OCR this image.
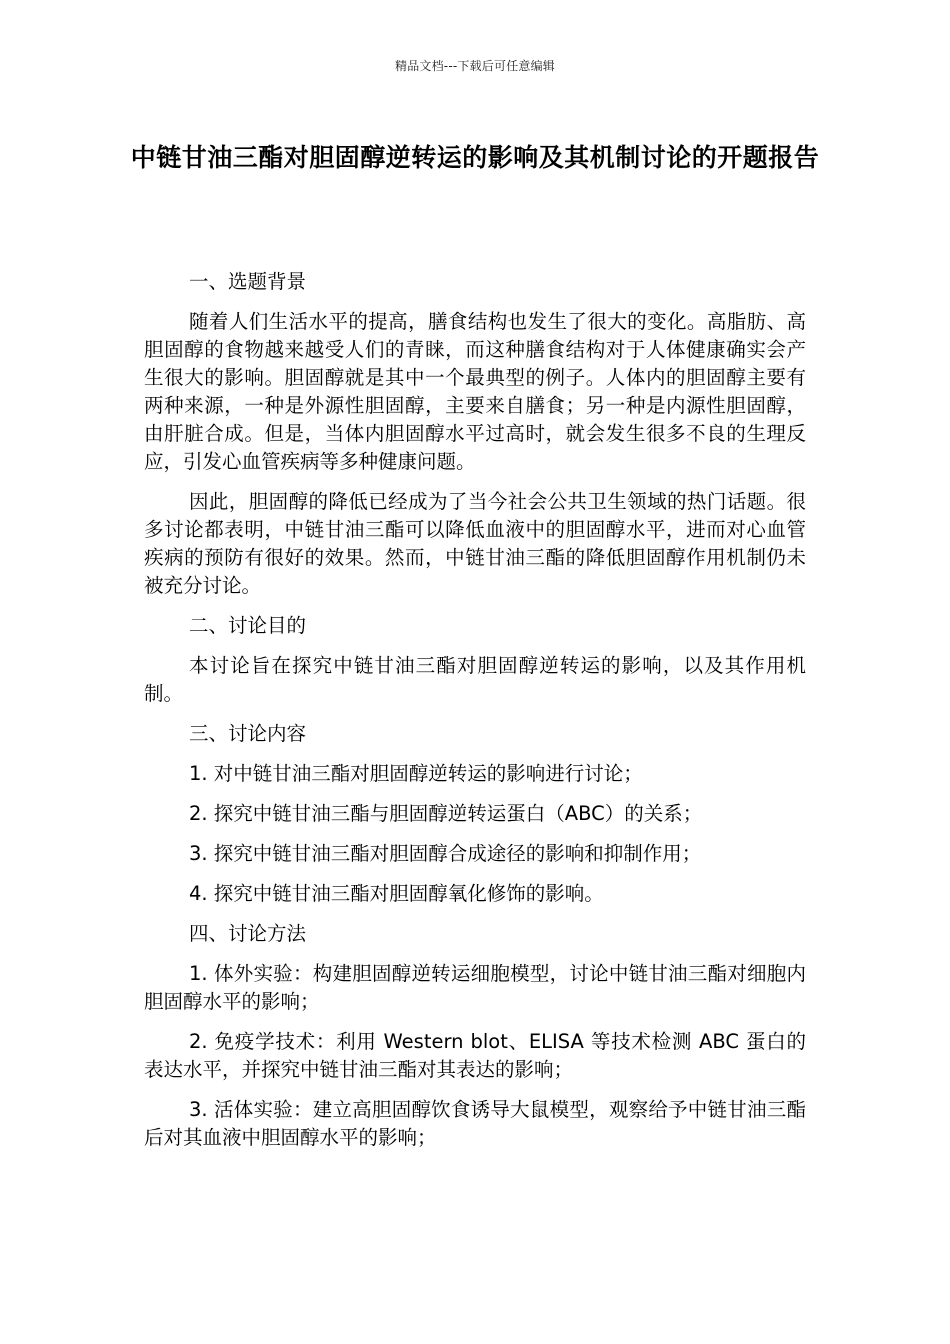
精品文档---下载后可任意编辑
中链甘油三酯对胆固醇逆转运的影响及其机制讨论的开题报告
一、选题背景
随着人们生活水平的提高，膳食结构也发生了很大的变化。高脂肪、高胆固醇的食物越来越受人们的青睐，而这种膳食结构对于人体健康确实会产生很大的影响。胆固醇就是其中一个最典型的例子。人体内的胆固醇主要有两种来源，一种是外源性胆固醇，主要来自膳食；另一种是内源性胆固醇，由肝脏合成。但是，当体内胆固醇水平过高时，就会发生很多不良的生理反应，引发心血管疾病等多种健康问题。
因此，胆固醇的降低已经成为了当今社会公共卫生领域的热门话题。很多讨论都表明，中链甘油三酯可以降低血液中的胆固醇水平，进而对心血管疾病的预防有很好的效果。然而，中链甘油三酯的降低胆固醇作用机制仍未被充分讨论。
二、讨论目的
本讨论旨在探究中链甘油三酯对胆固醇逆转运的影响，以及其作用机制。
三、讨论内容
1. 对中链甘油三酯对胆固醇逆转运的影响进行讨论；
2. 探究中链甘油三酯与胆固醇逆转运蛋白（ABC）的关系；
3. 探究中链甘油三酯对胆固醇合成途径的影响和抑制作用；
4. 探究中链甘油三酯对胆固醇氧化修饰的影响。
四、讨论方法
1. 体外实验：构建胆固醇逆转运细胞模型，讨论中链甘油三酯对细胞内胆固醇水平的影响；
2. 免疫学技术：利用 Western blot、ELISA 等技术检测 ABC 蛋白的表达水平，并探究中链甘油三酯对其表达的影响；
3. 活体实验：建立高胆固醇饮食诱导大鼠模型，观察给予中链甘油三酯后对其血液中胆固醇水平的影响；
